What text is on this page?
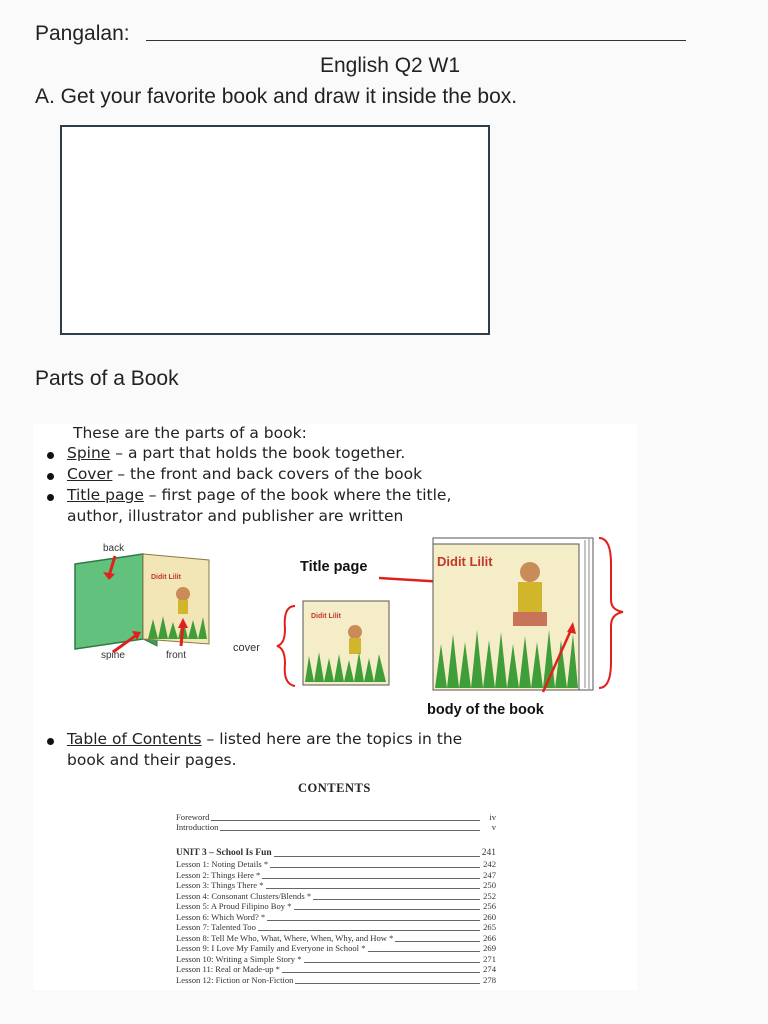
Pangalan:
English Q2 W1
A. Get your favorite book and draw it inside the box.
Parts of a Book
These are the parts of a book:
Spine – a part that holds the book together.
Cover – the front and back covers of the book
Title page – first page of the book where the title,
author, illustrator and publisher are written
back
Didit Lilit
spine	front
cover
Didit Lilit
Title page	Didit Lilit
body of the book
Table of Contents – listed here are the topics in the
book and their pages.
CONTENTS
Foreword	iv
Introduction	v
UNIT 3 – School Is Fun	241
Lesson 1: Noting Details *	242
Lesson 2: Things Here *	247
Lesson 3: Things There *	250
Lesson 4: Consonant Clusters/Blends *	252
Lesson 5: A Proud Filipino Boy *	256
Lesson 6: Which Word? *	260
Lesson 7: Talented Too	265
Lesson 8: Tell Me Who, What, Where, When, Why, and How *	266
Lesson 9: I Love My Family and Everyone in School *	269
Lesson 10: Writing a Simple Story *	271
Lesson 11: Real or Made-up *	274
Lesson 12: Fiction or Non-Fiction	278
